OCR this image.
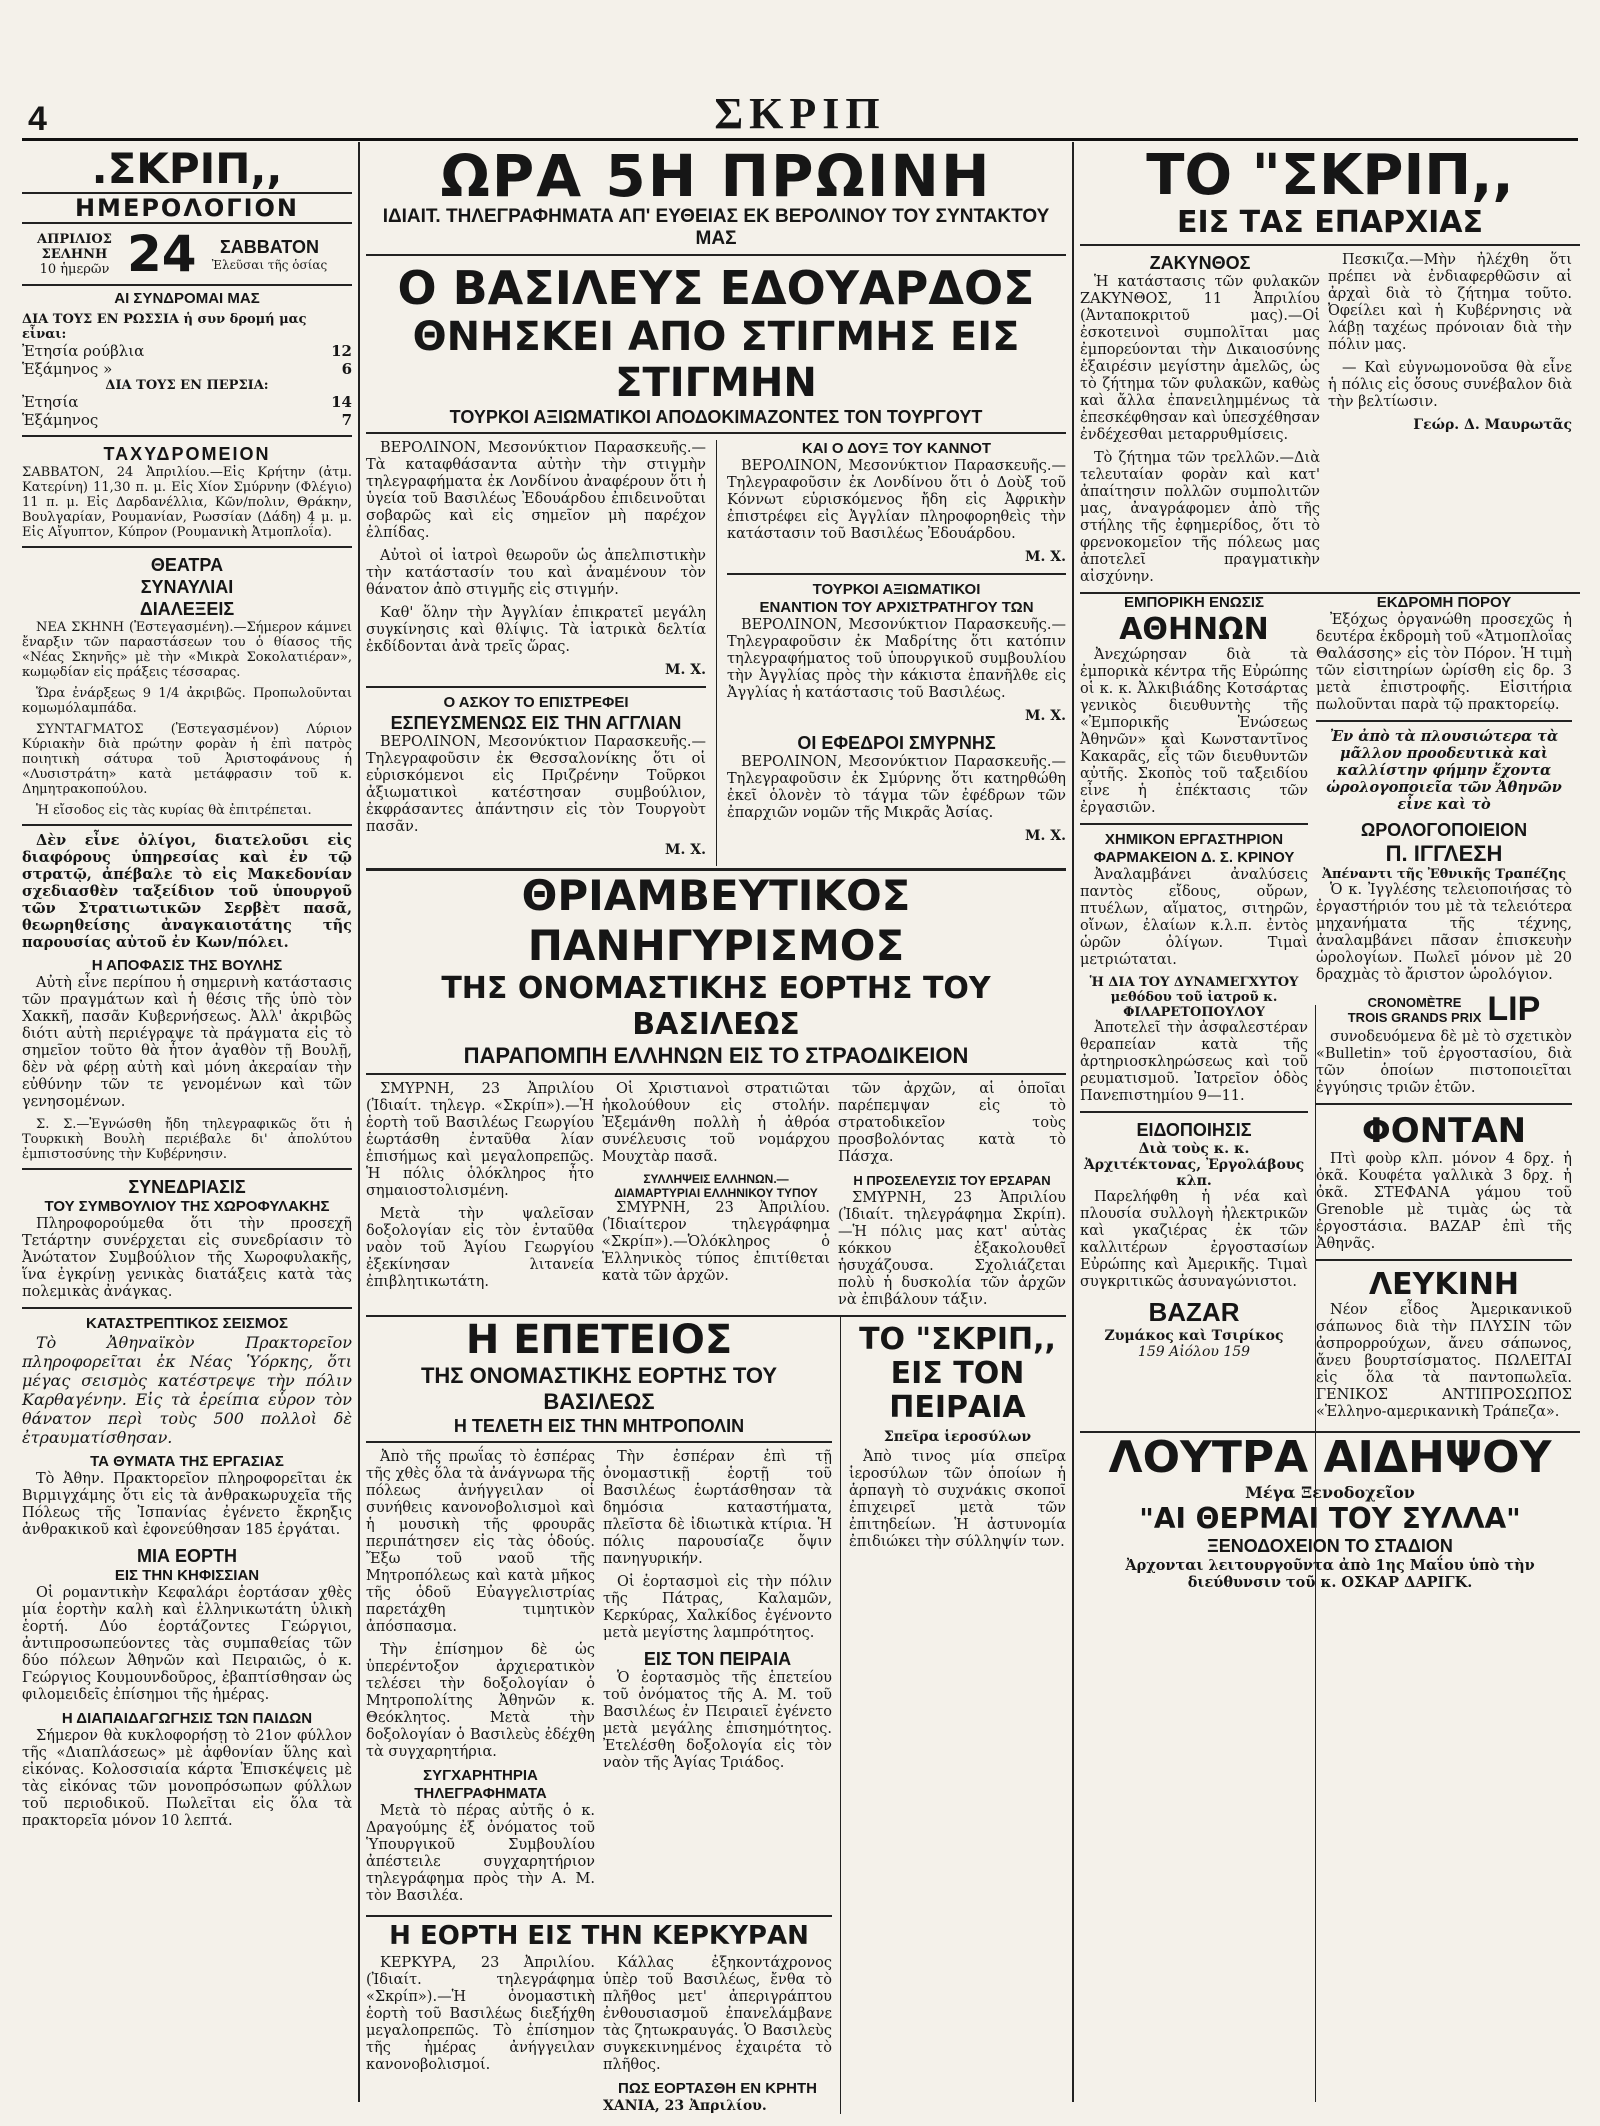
4	ΣΚΡΙΠ
.ΣΚΡΙΠ,,
ΗΜΕΡΟΛΟΓΙΟΝ
ΑΠΡΙΛΙΟΣ
ΣΕΛΗΝΗ
10 ἡμερῶν 24	ΣΑΒΒΑΤΟΝ
Ἐλεῦσαι τῆς ὁσίας
ΑΙ ΣΥΝΔΡΟΜΑΙ ΜΑΣ
ΔΙΑ ΤΟΥΣ ΕΝ ΡΩΣΣΙΑ ἡ συν δρομή μας εἶναι:
Ἐτησία ρούβλια	12
Ἑξάμηνος »	6
ΔΙΑ ΤΟΥΣ ΕΝ ΠΕΡΣΙΑ:
Ἐτησία	14
Ἑξάμηνος	7
ΤΑΧΥΔΡΟΜΕΙΟΝ
ΣΑΒΒΑΤΟΝ, 24 Ἀπριλίου.—Εἰς Κρήτην (ἀτμ. Κατερίνη) 11,30 π. μ. Εἰς Χίον Σμύρνην (Φλέγιο) 11 π. μ. Εἰς Δαρδανέλλια, Κῶν/πολιν, Θράκην, Βουλγαρίαν, Ρουμανίαν, Ρωσσίαν (Δάδη) 4 μ. μ. Εἰς Αἴγυπτον, Κύπρον (Ρουμανικὴ Ἀτμοπλοΐα).
ΘΕΑΤΡΑ
ΣΥΝΑΥΛΙΑΙ
ΔΙΑΛΕΞΕΙΣ

ΝΕΑ ΣΚΗΝΗ (Ἐστεγασμένη).—Σήμερον κάμνει ἔναρξιν τῶν παραστάσεων του ὁ θίασος τῆς «Νέας Σκηνῆς» μὲ τὴν «Μικρὰ Σοκολατιέραν», κωμῳδίαν εἰς πράξεις τέσσαρας.

Ὥρα ἐνάρξεως 9 1/4 ἀκριβῶς. Προπωλοῦνται κομωμόλαμπάδα.

ΣΥΝΤΑΓΜΑΤΟΣ (Ἐστεγασμένον) Λύριον Κύριακὴν διὰ πρώτην φορὰν ἡ ἐπὶ πατρὸς ποιητικὴ σάτυρα τοῦ Ἀριστοφάνους ἡ «Λυσιστράτη» κατὰ μετάφρασιν τοῦ κ. Δημητρακοπούλου.

Ἡ εἴσοδος εἰς τὰς κυρίας θὰ ἐπιτρέπεται.

Δὲν εἶνε ὀλίγοι, διατελοῦσι εἰς διαφόρους ὑπηρεσίας καὶ ἐν τῷ στρατῷ, ἀπέβαλε τὸ εἰς Μακεδονίαν σχεδιασθὲν ταξείδιον τοῦ ὑπουργοῦ τῶν Στρατιωτικῶν Σερβὲτ πασᾶ, θεωρηθείσης ἀναγκαιοτάτης τῆς παρουσίας αὐτοῦ ἐν Κων/πόλει.

Η ΑΠΟΦΑΣΙΣ ΤΗΣ ΒΟΥΛΗΣ

Αὐτὴ εἶνε περίπου ἡ σημερινὴ κατάστασις τῶν πραγμάτων καὶ ἡ θέσις τῆς ὑπὸ τὸν Χακκῆ, πασᾶν Κυβερνήσεως. Ἀλλ' ἀκριβῶς διότι αὐτὴ περιέγραψε τὰ πράγματα εἰς τὸ σημεῖον τοῦτο θὰ ἦτον ἀγαθὸν τῇ Βουλῇ, δὲν νὰ φέρῃ αὐτὴ καὶ μόνη ἀκεραίαν τὴν εὐθύνην τῶν τε γενομένων καὶ τῶν γενησομένων.

Σ. Σ.—Ἐγνώσθη ἤδη τηλεγραφικῶς ὅτι ἡ Τουρκικὴ Βουλὴ περιέβαλε δι' ἀπολύτου ἐμπιστοσύνης τὴν Κυβέρνησιν.

ΣΥΝΕΔΡΙΑΣΙΣ
ΤΟΥ ΣΥΜΒΟΥΛΙΟΥ ΤΗΣ ΧΩΡΟΦΥΛΑΚΗΣ

Πληροφορούμεθα ὅτι τὴν προσεχῆ Τετάρτην συνέρχεται εἰς συνεδρίασιν τὸ Ἀνώτατον Συμβούλιον τῆς Χωροφυλακῆς, ἵνα ἐγκρίνῃ γενικὰς διατάξεις κατὰ τὰς πολεμικὰς ἀνάγκας.

ΚΑΤΑΣΤΡΕΠΤΙΚΟΣ ΣΕΙΣΜΟΣ

Τὸ Ἀθηναϊκὸν Πρακτορεῖον πληροφορεῖται ἐκ Νέας Ὑόρκης, ὅτι μέγας σεισμὸς κατέστρεψε τὴν πόλιν Καρθαγένην. Εἰς τὰ ἐρείπια εὗρον τὸν θάνατον περὶ τοὺς 500 πολλοὶ δὲ ἐτραυματίσθησαν.

ΤΑ ΘΥΜΑΤΑ ΤΗΣ ΕΡΓΑΣΙΑΣ

Τὸ Ἀθην. Πρακτορεῖον πληροφορεῖται ἐκ Βιρμιγχάμης ὅτι εἰς τὰ ἀνθρακωρυχεῖα τῆς Πόλεως τῆς Ἰσπανίας ἐγένετο ἔκρηξις ἀνθρακικοῦ καὶ ἐφονεύθησαν 185 ἐργάται.

ΜΙΑ ΕΟΡΤΗ
ΕΙΣ ΤΗΝ ΚΗΦΙΣΣΙΑΝ

Οἱ ρομαντικὴν Κεφαλάρι ἑορτάσαν χθὲς μία ἑορτὴν καλὴ καὶ ἑλληνικωτάτη ὑλικὴ ἑορτή. Δύο ἑορτάζοντες Γεώργιοι, ἀντιπροσωπεύοντες τὰς συμπαθείας τῶν δύο πόλεων Ἀθηνῶν καὶ Πειραιῶς, ὁ κ. Γεώργιος Κουμουνδοῦρος, ἐβαπτίσθησαν ὡς φιλομειδεῖς ἐπίσημοι τῆς ἡμέρας.

Η ΔΙΑΠΑΙΔΑΓΩΓΗΣΙΣ ΤΩΝ ΠΑΙΔΩΝ

Σήμερον θὰ κυκλοφορήσῃ τὸ 21ον φύλλον τῆς «Διαπλάσεως» μὲ ἀφθονίαν ὕλης καὶ εἰκόνας. Κολοσσιαία κάρτα Ἐπισκέψεις μὲ τὰς εἰκόνας τῶν μονοπρόσωπων φύλλων τοῦ περιοδικοῦ. Πωλεῖται εἰς ὅλα τὰ πρακτορεῖα μόνον 10 λεπτά.

ΩΡΑ 5Η ΠΡΩΙΝΗ
ΙΔΙΑΙΤ. ΤΗΛΕΓΡΑΦΗΜΑΤΑ ΑΠ' ΕΥΘΕΙΑΣ ΕΚ ΒΕΡΟΛΙΝΟΥ ΤΟΥ ΣΥΝΤΑΚΤΟΥ ΜΑΣ
Ο ΒΑΣΙΛΕΥΣ ΕΔΟΥΑΡΔΟΣ
ΘΝΗΣΚΕΙ ΑΠΟ ΣΤΙΓΜΗΣ ΕΙΣ ΣΤΙΓΜΗΝ
ΤΟΥΡΚΟΙ ΑΞΙΩΜΑΤΙΚΟΙ ΑΠΟΔΟΚΙΜΑΖΟΝΤΕΣ ΤΟΝ ΤΟΥΡΓΟΥΤ

ΒΕΡΟΛΙΝΟΝ, Μεσονύκτιον Παρασκευῆς.—Τὰ καταφθάσαντα αὐτὴν τὴν στιγμὴν τηλεγραφήματα ἐκ Λονδίνου ἀναφέρουν ὅτι ἡ ὑγεία τοῦ Βασιλέως Ἐδουάρδου ἐπιδεινοῦται σοβαρῶς καὶ εἰς σημεῖον μὴ παρέχον ἐλπίδας.

Αὐτοὶ οἱ ἰατροὶ θεωροῦν ὡς ἀπελπιστικὴν τὴν κατάστασίν του καὶ ἀναμένουν τὸν θάνατον ἀπὸ στιγμῆς εἰς στιγμήν.

Καθ' ὅλην τὴν Ἀγγλίαν ἐπικρατεῖ μεγάλη συγκίνησις καὶ θλίψις. Τὰ ἰατρικὰ δελτία ἐκδίδονται ἀνὰ τρεῖς ὥρας.

Μ. Χ.
Ο ΑΣΚΟΥ ΤΟ ΕΠΙΣΤΡΕΦΕΙ
ΕΣΠΕΥΣΜΕΝΩΣ ΕΙΣ ΤΗΝ ΑΓΓΛΙΑΝ

ΒΕΡΟΛΙΝΟΝ, Μεσονύκτιον Παρασκευῆς.—Τηλεγραφοῦσιν ἐκ Θεσσαλονίκης ὅτι οἱ εὑρισκόμενοι εἰς Πριζρένην Τοῦρκοι ἀξιωματικοὶ κατέστησαν συμβούλιον, ἐκφράσαντες ἀπάντησιν εἰς τὸν Τουργοὺτ πασᾶν.

Μ. Χ.
ΚΑΙ Ο ΔΟΥΞ ΤΟΥ ΚΑΝΝΟΤ

ΒΕΡΟΛΙΝΟΝ, Μεσονύκτιον Παρασκευῆς.—Τηλεγραφοῦσιν ἐκ Λονδίνου ὅτι ὁ Δοὺξ τοῦ Κόννωτ εὑρισκόμενος ἤδη εἰς Ἀφρικὴν ἐπιστρέφει εἰς Ἀγγλίαν πληροφορηθεὶς τὴν κατάστασιν τοῦ Βασιλέως Ἐδουάρδου.

Μ. Χ.
ΤΟΥΡΚΟΙ ΑΞΙΩΜΑΤΙΚΟΙ
ΕΝΑΝΤΙΟΝ ΤΟΥ ΑΡΧΙΣΤΡΑΤΗΓΟΥ ΤΩΝ

ΒΕΡΟΛΙΝΟΝ, Μεσονύκτιον Παρασκευῆς.—Τηλεγραφοῦσιν ἐκ Μαδρίτης ὅτι κατόπιν τηλεγραφήματος τοῦ ὑπουργικοῦ συμβουλίου τὴν Ἀγγλίας πρὸς τὴν κάκιστα ἐπανῆλθε εἰς Ἀγγλίας ἡ κατάστασις τοῦ Βασιλέως.

Μ. Χ.
ΟΙ ΕΦΕΔΡΟΙ ΣΜΥΡΝΗΣ

ΒΕΡΟΛΙΝΟΝ, Μεσονύκτιον Παρασκευῆς.—Τηλεγραφοῦσιν ἐκ Σμύρνης ὅτι κατηρθώθη ἐκεῖ ὁλονὲν τὸ τάγμα τῶν ἐφέδρων τῶν ἐπαρχιῶν νομῶν τῆς Μικρᾶς Ἀσίας.

Μ. Χ.
ΘΡΙΑΜΒΕΥΤΙΚΟΣ ΠΑΝΗΓΥΡΙΣΜΟΣ
ΤΗΣ ΟΝΟΜΑΣΤΙΚΗΣ ΕΟΡΤΗΣ ΤΟΥ ΒΑΣΙΛΕΩΣ
ΠΑΡΑΠΟΜΠΗ ΕΛΛΗΝΩΝ ΕΙΣ ΤΟ ΣΤΡΑΟΔΙΚΕΙΟΝ

ΣΜΥΡΝΗ, 23 Ἀπριλίου (Ἰδιαίτ. τηλεγρ. «Σκρίπ»).—Ἡ ἑορτὴ τοῦ Βασιλέως Γεωργίου ἑωρτάσθη ἐνταῦθα λίαν ἐπισήμως καὶ μεγαλοπρεπῶς. Ἡ πόλις ὁλόκληρος ἦτο σημαιοστολισμένη.

Μετὰ τὴν ψαλεῖσαν δοξολογίαν εἰς τὸν ἐνταῦθα ναὸν τοῦ Ἁγίου Γεωργίου ἐξεκίνησαν λιτανεία ἐπιβλητικωτάτη.

Οἱ Χριστιανοὶ στρατιῶται ἠκολούθουν εἰς στολήν. Ἐξεμάνθη πολλὴ ἡ ἀθρόα συνέλευσις τοῦ νομάρχου Μουχτὰρ πασᾶ.

ΣΥΛΛΗΨΕΙΣ ΕΛΛΗΝΩΝ.—ΔΙΑΜΑΡΤΥΡΙΑΙ ΕΛΛΗΝΙΚΟΥ ΤΥΠΟΥ

ΣΜΥΡΝΗ, 23 Ἀπριλίου. (Ἰδιαίτερον τηλεγράφημα «Σκρίπ»).—Ὁλόκληρος ὁ Ἑλληνικὸς τύπος ἐπιτίθεται κατὰ τῶν ἀρχῶν.

τῶν ἀρχῶν, αἱ ὁποῖαι παρέπεμψαν εἰς τὸ στρατοδικεῖον τοὺς προσβολόντας κατὰ τὸ Πάσχα.

Η ΠΡΟΣΕΛΕΥΣΙΣ ΤΟΥ ΕΡΣΑΡΑΝ

ΣΜΥΡΝΗ, 23 Ἀπριλίου (Ἰδιαίτ. τηλεγράφημα Σκρίπ).—Ἡ πόλις μας κατ' αὐτὰς κόκκου ἐξακολουθεῖ ἡσυχάζουσα. Σχολιάζεται πολὺ ἡ δυσκολία τῶν ἀρχῶν νὰ ἐπιβάλουν τάξιν.

Η ΕΠΕΤΕΙΟΣ
ΤΗΣ ΟΝΟΜΑΣΤΙΚΗΣ ΕΟΡΤΗΣ ΤΟΥ ΒΑΣΙΛΕΩΣ
Η ΤΕΛΕΤΗ ΕΙΣ ΤΗΝ ΜΗΤΡΟΠΟΛΙΝ

Ἀπὸ τῆς πρωΐας τὸ ἑσπέρας τῆς χθὲς ὅλα τὰ ἀνάγνωρα τῆς πόλεως ἀνήγγειλαν οἱ συνήθεις κανονοβολισμοὶ καὶ ἡ μουσικὴ τῆς φρουρᾶς περιπάτησεν εἰς τὰς ὁδούς. Ἔξω τοῦ ναοῦ τῆς Μητροπόλεως καὶ κατὰ μῆκος τῆς ὁδοῦ Εὐαγγελιστρίας παρετάχθη τιμητικὸν ἀπόσπασμα.

Τὴν ἐπίσημον δὲ ὡς ὑπερέντοξον ἀρχιερατικὸν τελέσει τὴν δοξολογίαν ὁ Μητροπολίτης Ἀθηνῶν κ. Θεόκλητος. Μετὰ τὴν δοξολογίαν ὁ Βασιλεὺς ἐδέχθη τὰ συγχαρητήρια.

ΣΥΓΧΑΡΗΤΗΡΙΑ ΤΗΛΕΓΡΑΦΗΜΑΤΑ

Μετὰ τὸ πέρας αὐτῆς ὁ κ. Δραγούμης ἐξ ὀνόματος τοῦ Ὑπουργικοῦ Συμβουλίου ἀπέστειλε συγχαρητήριον τηλεγράφημα πρὸς τὴν Α. Μ. τὸν Βασιλέα.

Τὴν ἐσπέραν ἐπὶ τῇ ὀνομαστικῇ ἑορτῇ τοῦ Βασιλέως ἑωρτάσθησαν τὰ δημόσια καταστήματα, πλεῖστα δὲ ἰδιωτικὰ κτίρια. Ἡ πόλις παρουσίαζε ὄψιν πανηγυρικήν.

Οἱ ἑορτασμοὶ εἰς τὴν πόλιν τῆς Πάτρας, Καλαμῶν, Κερκύρας, Χαλκίδος ἐγένοντο μετὰ μεγίστης λαμπρότητος.

ΕΙΣ ΤΟΝ ΠΕΙΡΑΙΑ

Ὁ ἑορτασμὸς τῆς ἑπετείου τοῦ ὀνόματος τῆς Α. Μ. τοῦ Βασιλέως ἐν Πειραιεῖ ἐγένετο μετὰ μεγάλης ἐπισημότητος. Ἐτελέσθη δοξολογία εἰς τὸν ναὸν τῆς Ἁγίας Τριάδος.

Η ΕΟΡΤΗ ΕΙΣ ΤΗΝ ΚΕΡΚΥΡΑΝ

ΚΕΡΚΥΡΑ, 23 Ἀπριλίου. (Ἰδιαίτ. τηλεγράφημα «Σκρίπ»).—Ἡ ὀνομαστικὴ ἑορτὴ τοῦ Βασιλέως διεξήχθη μεγαλοπρεπῶς. Τὸ ἐπίσημον τῆς ἡμέρας ἀνήγγειλαν κανονοβολισμοί.

Κάλλας ἐξηκοντάχρονος ὑπὲρ τοῦ Βασιλέως, ἔνθα τὸ πλῆθος μετ' ἀπεριγράπτου ἐνθουσιασμοῦ ἐπανελάμβανε τὰς ζητωκραυγάς. Ὁ Βασιλεὺς συγκεκινημένος ἐχαιρέτα τὸ πλῆθος.

ΠΩΣ ΕΟΡΤΑΣΘΗ ΕΝ ΚΡΗΤΗ
ΧΑΝΙΑ, 23 Ἀπριλίου.
ΤΟ "ΣΚΡΙΠ,, ΕΙΣ ΤΟΝ ΠΕΙΡΑΙΑ
Σπεῖρα ἱεροσύλων

Ἀπὸ τινος μία σπεῖρα ἱεροσύλων τῶν ὁποίων ἡ ἁρπαγὴ τὸ συχνάκις σκοποῖ ἐπιχειρεῖ μετὰ τῶν ἐπιτηδείων. Ἡ ἀστυνομία ἐπιδιώκει τὴν σύλληψίν των.

ΤΟ "ΣΚΡΙΠ,,
ΕΙΣ ΤΑΣ ΕΠΑΡΧΙΑΣ
ΖΑΚΥΝΘΟΣ

Ἡ κατάστασις τῶν φυλακῶν ΖΑΚΥΝΘΟΣ, 11 Ἀπριλίου (Ἀνταποκριτοῦ μας).—Οἱ ἐσκοτεινοὶ συμπολῖται μας ἐμπορεύονται τὴν Δικαιοσύνης ἐξαιρέσιν μεγίστην ἀμελῶς, ὡς τὸ ζήτημα τῶν φυλακῶν, καθὼς καὶ ἄλλα ἐπανειλημμένως τὰ ἐπεσκέφθησαν καὶ ὑπεσχέθησαν ἐνδέχεσθαι μεταρρυθμίσεις.

Τὸ ζήτημα τῶν τρελλῶν.—Διὰ τελευταίαν φορὰν καὶ κατ' ἀπαίτησιν πολλῶν συμπολιτῶν μας, ἀναγράφομεν ἀπὸ τῆς στήλης τῆς ἐφημερίδος, ὅτι τὸ φρενοκομεῖον τῆς πόλεως μας ἀποτελεῖ πραγματικὴν αἰσχύνην.

Πεσκιζα.—Μὴν ἠλέχθη ὅτι πρέπει νὰ ἐνδιαφερθῶσιν αἱ ἀρχαὶ διὰ τὸ ζήτημα τοῦτο. Ὀφείλει καὶ ἡ Κυβέρνησις νὰ λάβῃ ταχέως πρόνοιαν διὰ τὴν πόλιν μας.

— Καὶ εὐγνωμονοῦσα θὰ εἶνε ἡ πόλις εἰς ὅσους συνέβαλον διὰ τὴν βελτίωσιν.

Γεώρ. Δ. Μαυρωτᾶς
ΕΜΠΟΡΙΚΗ ΕΝΩΣΙΣ
ΑΘΗΝΩΝ

Ἀνεχώρησαν διὰ τὰ ἐμπορικὰ κέντρα τῆς Εὐρώπης οἱ κ. κ. Ἀλκιβιάδης Κοτσάρτας γενικὸς διευθυντὴς τῆς «Ἐμπορικῆς Ἑνώσεως Ἀθηνῶν» καὶ Κωνσταντῖνος Κακαρᾶς, εἷς τῶν διευθυντῶν αὐτῆς. Σκοπὸς τοῦ ταξειδίου εἶνε ἡ ἐπέκτασις τῶν ἐργασιῶν.

ΧΗΜΙΚΟΝ ΕΡΓΑΣΤΗΡΙΟΝ
ΦΑΡΜΑΚΕΙΟΝ Δ. Σ. ΚΡΙΝΟΥ

Ἀναλαμβάνει ἀναλύσεις παντὸς εἴδους, οὔρων, πτυέλων, αἵματος, σιτηρῶν, οἴνων, ἐλαίων κ.λ.π. ἐντὸς ὡρῶν ὀλίγων. Τιμαὶ μετριώταται.

Ἡ ΔΙΑ ΤΟΥ ΔΥΝΑΜΕΓΧΥΤΟΥ μεθόδου τοῦ ἰατροῦ κ. ΦΙΛΑΡΕΤΟΠΟΥΛΟΥ

Ἀποτελεῖ τὴν ἀσφαλεστέραν θεραπείαν κατὰ τῆς ἀρτηριοσκληρώσεως καὶ τοῦ ρευματισμοῦ. Ἰατρεῖον ὁδὸς Πανεπιστημίου 9—11.

ΕΙΔΟΠΟΙΗΣΙΣ
Διὰ τοὺς κ. κ. Ἀρχιτέκτονας, Ἐργολάβους κλπ.

Παρελήφθη ἡ νέα καὶ πλουσία συλλογὴ ἠλεκτρικῶν καὶ γκαζιέρας ἐκ τῶν καλλιτέρων ἐργοστασίων Εὐρώπης καὶ Ἀμερικῆς. Τιμαὶ συγκριτικῶς ἀσυναγώνιστοι.

BAZAR
Ζυμάκος καὶ Τσιρίκος
159 Αἰόλου 159
ΕΚΔΡΟΜΗ ΠΟΡΟΥ

Ἐξόχως ὀργανώθη προσεχῶς ἡ δευτέρα ἐκδρομὴ τοῦ «Ἀτμοπλοΐας Θαλάσσης» εἰς τὸν Πόρον. Ἡ τιμὴ τῶν εἰσιτηρίων ὡρίσθη εἰς δρ. 3 μετὰ ἐπιστροφῆς. Εἰσιτήρια πωλοῦνται παρὰ τῷ πρακτορείῳ.

Ἐν ἀπὸ τὰ πλουσιώτερα τὰ μᾶλλον προοδευτικὰ καὶ καλλίστην φήμην ἔχοντα ὡρολογοποιεῖα τῶν Ἀθηνῶν εἶνε καὶ τὸ

ΩΡΟΛΟΓΟΠΟΙΕΙΟΝ
Π. ΙΓΓΛΕΣΗ
Ἀπέναντι τῆς Ἐθνικῆς Τραπέζης

Ὁ κ. Ἰγγλέσης τελειοποιήσας τὸ ἐργαστήριόν του μὲ τὰ τελειότερα μηχανήματα τῆς τέχνης, ἀναλαμβάνει πᾶσαν ἐπισκευὴν ὡρολογίων. Πωλεῖ μόνον μὲ 20 δραχμὰς τὸ ἄριστον ὡρολόγιον.

CRONOMÈTRE
TROIS GRANDS PRIX LIP

συνοδευόμενα δὲ μὲ τὸ σχετικὸν «Bulletin» τοῦ ἐργοστασίου, διὰ τῶν ὁποίων πιστοποιεῖται ἐγγύησις τριῶν ἐτῶν.

ΦΟΝΤΑΝ

Πτὶ φοὺρ κλπ. μόνον 4 δρχ. ἡ ὀκᾶ. Κουφέτα γαλλικὰ 3 δρχ. ἡ ὀκᾶ. ΣΤΕΦΑΝΑ γάμου τοῦ Grenoble μὲ τιμὰς ὡς τὰ ἐργοστάσια. ΒΑΖΑΡ ἐπὶ τῆς Ἀθηνᾶς.

ΛΕΥΚΙΝΗ

Νέον εἶδος Ἀμερικανικοῦ σάπωνος διὰ τὴν ΠΛΥΣΙΝ τῶν ἀσπρορρούχων, ἄνευ σάπωνος, ἄνευ βουρτσίσματος. ΠΩΛΕΙΤΑΙ εἰς ὅλα τὰ παντοπωλεῖα. ΓΕΝΙΚΟΣ ΑΝΤΙΠΡΟΣΩΠΟΣ «Ἑλληνο-αμερικανικὴ Τράπεζα».

ΛΟΥΤΡΑ ΑΙΔΗΨΟΥ
Μέγα Ξενοδοχεῖον
"ΑΙ ΘΕΡΜΑΙ ΤΟΥ ΣΥΛΛΑ"
ΞΕΝΟΔΟΧΕΙΟΝ ΤΟ ΣΤΑΔΙΟΝ

Ἀρχονται λειτουργοῦντα ἀπὸ 1ης Μαΐου ὑπὸ τὴν διεύθυνσιν τοῦ κ. ΟΣΚΑΡ ΔΑΡΙΓΚ.
